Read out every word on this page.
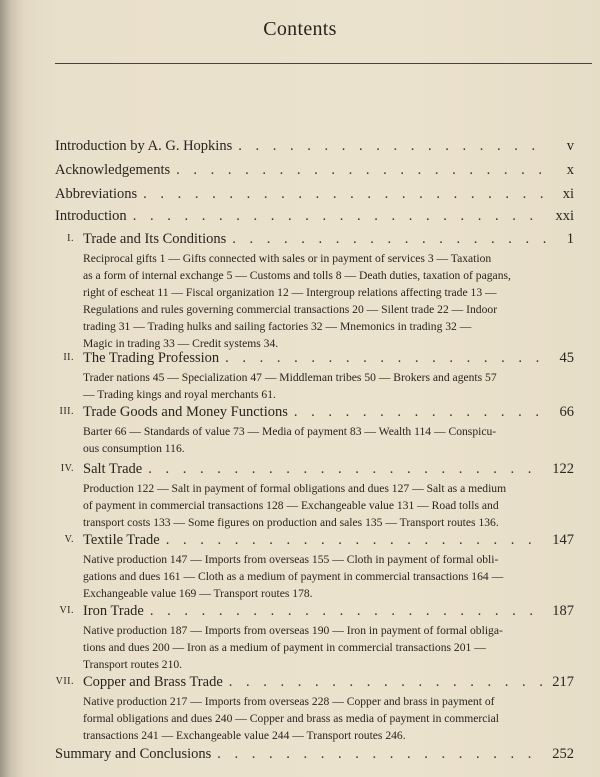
Contents
Introduction by A. G. Hopkins . . .	v
Acknowledgements . . .	x
Abbreviations . . .	xi
Introduction . . .	xxi
I. Trade and Its Conditions . . .	1
Reciprocal gifts 1 — Gifts connected with sales or in payment of services 3 — Taxation
as a form of internal exchange 5 — Customs and tolls 8 — Death duties, taxation of pagans,
right of escheat 11 — Fiscal organization 12 — Intergroup relations affecting trade 13 —
Regulations and rules governing commercial transactions 20 — Silent trade 22 — Indoor
trading 31 — Trading hulks and sailing factories 32 — Mnemonics in trading 32 —
Magic in trading 33 — Credit systems 34.
II. The Trading Profession . . .	45
Trader nations 45 — Specialization 47 — Middleman tribes 50 — Brokers and agents 57
— Trading kings and royal merchants 61.
III. Trade Goods and Money Functions . . .	66
Barter 66 — Standards of value 73 — Media of payment 83 — Wealth 114 — Conspicu-
ous consumption 116.
IV. Salt Trade . . .	122
Production 122 — Salt in payment of formal obligations and dues 127 — Salt as a medium
of payment in commercial transactions 128 — Exchangeable value 131 — Road tolls and
transport costs 133 — Some figures on production and sales 135 — Transport routes 136.
V. Textile Trade . . .	147
Native production 147 — Imports from overseas 155 — Cloth in payment of formal obli-
gations and dues 161 — Cloth as a medium of payment in commercial transactions 164 —
Exchangeable value 169 — Transport routes 178.
VI. Iron Trade . . .	187
Native production 187 — Imports from overseas 190 — Iron in payment of formal obliga-
tions and dues 200 — Iron as a medium of payment in commercial transactions 201 —
Transport routes 210.
VII. Copper and Brass Trade . . .	217
Native production 217 — Imports from overseas 228 — Copper and brass in payment of
formal obligations and dues 240 — Copper and brass as media of payment in commercial
transactions 241 — Exchangeable value 244 — Transport routes 246.
Summary and Conclusions . . .	252
